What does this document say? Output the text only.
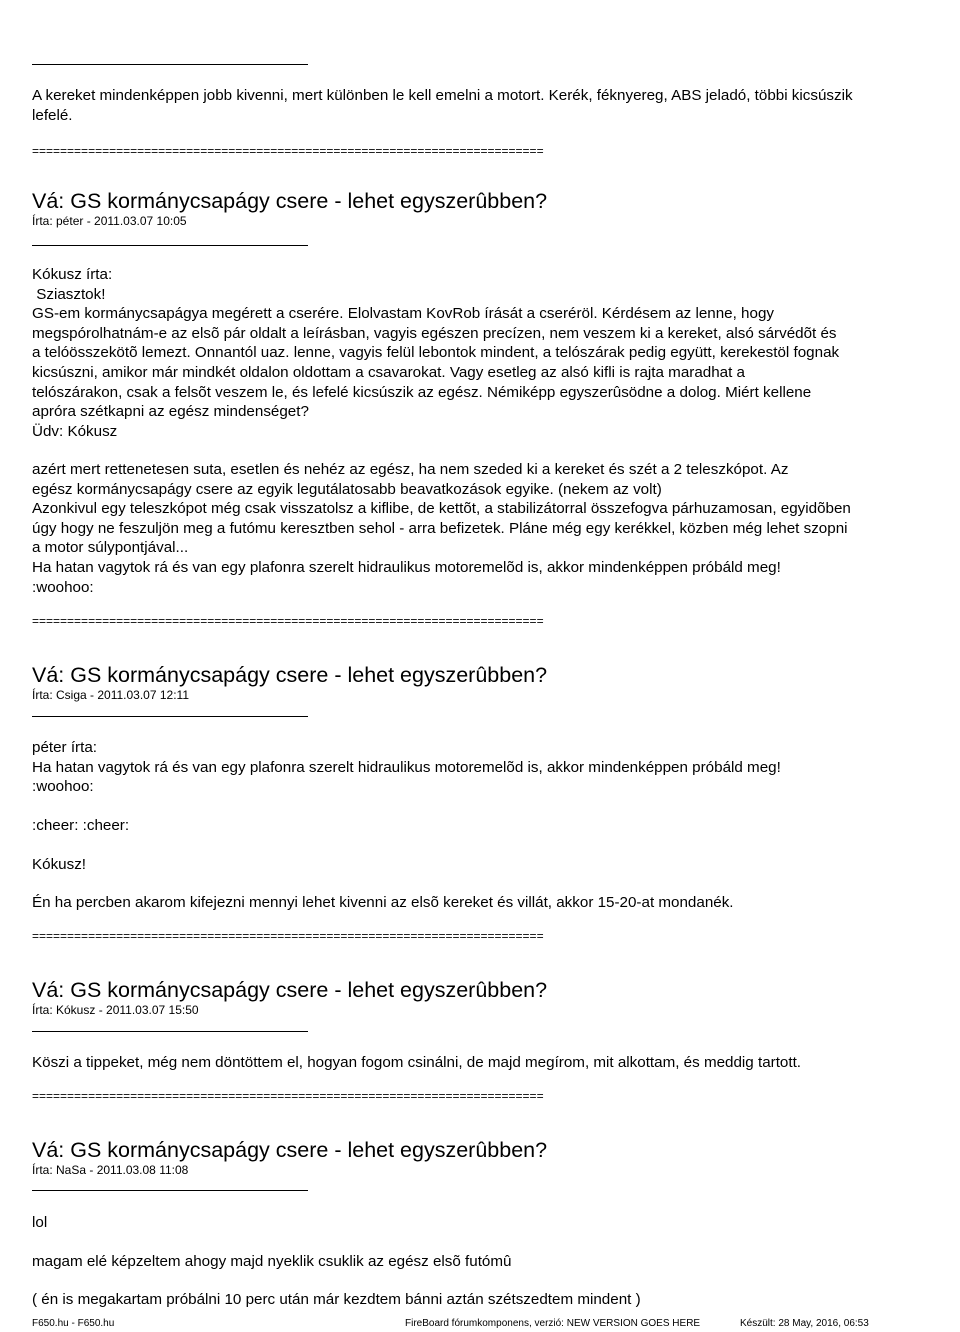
A kereket mindenképpen jobb kivenni, mert különben le kell emelni a motort. Kerék, féknyereg, ABS jeladó, többi kicsúszik
lefelé.

=========================================================================

Vá: GS kormánycsapágy csere - lehet egyszerûbben?

Írta: péter - 2011.03.07 10:05

Kókusz írta:

Sziasztok!

GS-em kormánycsapágya megérett a cserére. Elolvastam KovRob írását a cseréröl. Kérdésem az lenne, hogy
megspórolhatnám-e az elsõ pár oldalt a leírásban, vagyis egészen precízen, nem veszem ki a kereket, alsó sárvédõt és
a telóösszekötõ lemezt. Onnantól uaz. lenne, vagyis felül lebontok mindent, a telószárak pedig együtt, kerekestöl fognak
kicsúszni, amikor már mindkét oldalon oldottam a csavarokat. Vagy esetleg az alsó kifli is rajta maradhat a
telószárakon, csak a felsõt veszem le, és lefelé kicsúszik az egész. Némiképp egyszerûsödne a dolog. Miért kellene
apróra szétkapni az egész mindenséget?

Üdv: Kókusz

azért mert rettenetesen suta, esetlen és nehéz az egész, ha nem szeded ki a kereket és szét a 2 teleszkópot. Az
egész kormánycsapágy csere az egyik legutálatosabb beavatkozások egyike. (nekem az volt)
Azonkivul egy teleszkópot még csak visszatolsz a kiflibe, de kettõt, a stabilizátorral összefogva párhuzamosan, egyidõben
úgy hogy ne feszuljön meg a futómu keresztben sehol - arra befizetek. Pláne még egy kerékkel, közben még lehet szopni
a motor súlypontjával...
Ha hatan vagytok rá és van egy plafonra szerelt hidraulikus motoremelõd is, akkor mindenképpen próbáld meg!
:woohoo:

=========================================================================

Vá: GS kormánycsapágy csere - lehet egyszerûbben?

Írta: Csiga - 2011.03.07 12:11

péter írta:

Ha hatan vagytok rá és van egy plafonra szerelt hidraulikus motoremelõd is, akkor mindenképpen próbáld meg!
:woohoo:

:cheer: :cheer:

Kókusz!

Én ha percben akarom kifejezni mennyi lehet kivenni az elsõ kereket és villát, akkor 15-20-at mondanék.

=========================================================================

Vá: GS kormánycsapágy csere - lehet egyszerûbben?

Írta: Kókusz - 2011.03.07 15:50

Köszi a tippeket, még nem döntöttem el, hogyan fogom csinálni, de majd megírom, mit alkottam, és meddig tartott.

=========================================================================

Vá: GS kormánycsapágy csere - lehet egyszerûbben?

Írta: NaSa - 2011.03.08 11:08

lol

magam elé képzeltem ahogy majd nyeklik csuklik az egész elsõ futómû

( én is megakartam próbálni 10 perc után már kezdtem bánni aztán szétszedtem mindent )

F650.hu - F650.hu	FireBoard fórumkomponens, verzió: NEW VERSION GOES HERE	Készült: 28 May, 2016, 06:53
